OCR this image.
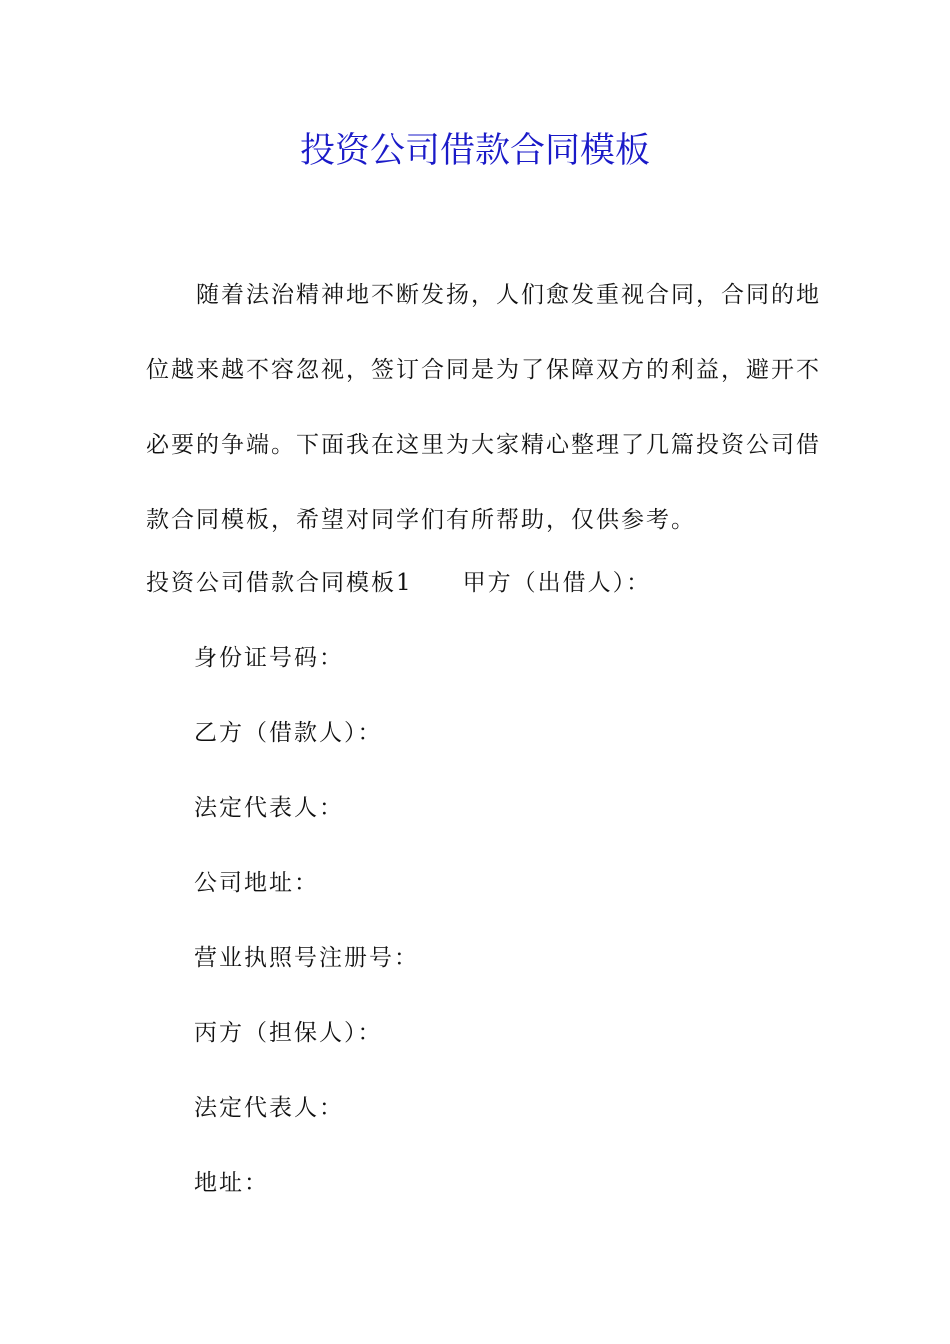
投资公司借款合同模板
　　随着法治精神地不断发扬，人们愈发重视合同，合同的地
位越来越不容忽视，签订合同是为了保障双方的利益，避开不
必要的争端。下面我在这里为大家精心整理了几篇投资公司借
款合同模板，希望对同学们有所帮助，仅供参考。
投资公司借款合同模板1 甲方（出借人）：
身份证号码：
乙方（借款人）：
法定代表人：
公司地址：
营业执照号注册号：
丙方（担保人）：
法定代表人：
地址：
